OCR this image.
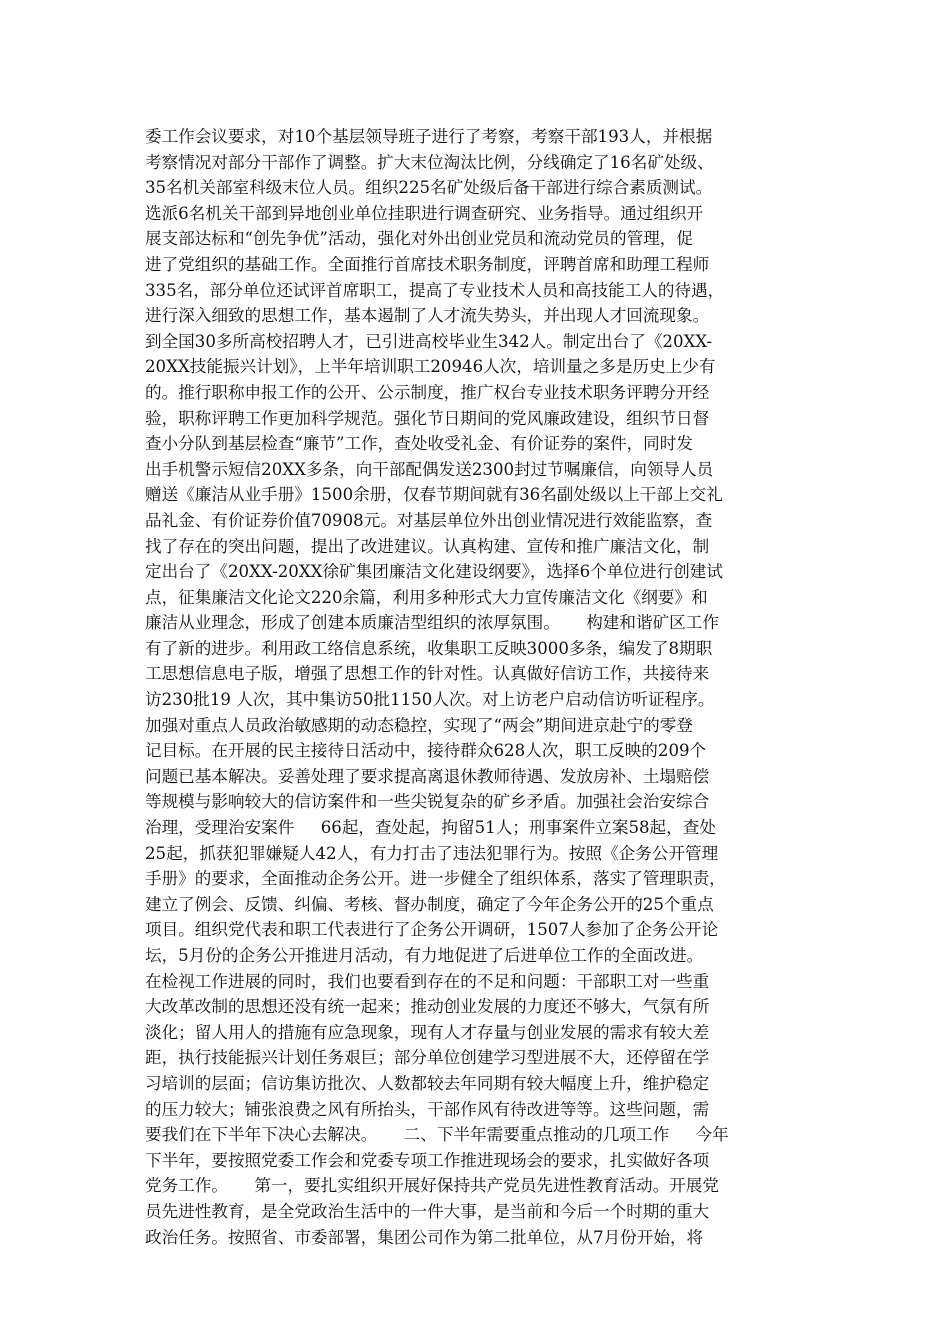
委工作会议要求，对10个基层领导班子进行了考察，考察干部193人，并根据
考察情况对部分干部作了调整。扩大末位淘汰比例，分线确定了16名矿处级、
35名机关部室科级末位人员。组织225名矿处级后备干部进行综合素质测试。
选派6名机关干部到异地创业单位挂职进行调查研究、业务指导。通过组织开
展支部达标和“创先争优”活动，强化对外出创业党员和流动党员的管理，促
进了党组织的基础工作。全面推行首席技术职务制度，评聘首席和助理工程师
335名，部分单位还试评首席职工，提高了专业技术人员和高技能工人的待遇，
进行深入细致的思想工作，基本遏制了人才流失势头，并出现人才回流现象。
到全国30多所高校招聘人才，已引进高校毕业生342人。制定出台了《20XX-
20XX技能振兴计划》，上半年培训职工20946人次，培训量之多是历史上少有
的。推行职称申报工作的公开、公示制度，推广权台专业技术职务评聘分开经
验，职称评聘工作更加科学规范。强化节日期间的党风廉政建设，组织节日督
查小分队到基层检查“廉节”工作，查处收受礼金、有价证券的案件，同时发
出手机警示短信20XX多条，向干部配偶发送2300封过节嘱廉信，向领导人员
赠送《廉洁从业手册》1500余册，仅春节期间就有36名副处级以上干部上交礼
品礼金、有价证券价值70908元。对基层单位外出创业情况进行效能监察，查
找了存在的突出问题，提出了改进建议。认真构建、宣传和推广廉洁文化，制
定出台了《20XX-20XX徐矿集团廉洁文化建设纲要》，选择6个单位进行创建试
点，征集廉洁文化论文220余篇，利用多种形式大力宣传廉洁文化《纲要》和
廉洁从业理念，形成了创建本质廉洁型组织的浓厚氛围。     构建和谐矿区工作
有了新的进步。利用政工络信息系统，收集职工反映3000多条，编发了8期职
工思想信息电子版，增强了思想工作的针对性。认真做好信访工作，共接待来
访230批19 人次，其中集访50批1150人次。对上访老户启动信访听证程序。
加强对重点人员政治敏感期的动态稳控，实现了“两会”期间进京赴宁的零登
记目标。在开展的民主接待日活动中，接待群众628人次，职工反映的209个
问题已基本解决。妥善处理了要求提高离退休教师待遇、发放房补、土塌赔偿
等规模与影响较大的信访案件和一些尖锐复杂的矿乡矛盾。加强社会治安综合
治理，受理治安案件     66起，查处起，拘留51人；刑事案件立案58起，查处
25起，抓获犯罪嫌疑人42人，有力打击了违法犯罪行为。按照《企务公开管理
手册》的要求，全面推动企务公开。进一步健全了组织体系，落实了管理职责，
建立了例会、反馈、纠偏、考核、督办制度，确定了今年企务公开的25个重点
项目。组织党代表和职工代表进行了企务公开调研，1507人参加了企务公开论
坛，5月份的企务公开推进月活动，有力地促进了后进单位工作的全面改进。
在检视工作进展的同时，我们也要看到存在的不足和问题：干部职工对一些重
大改革改制的思想还没有统一起来；推动创业发展的力度还不够大，气氛有所
淡化；留人用人的措施有应急现象，现有人才存量与创业发展的需求有较大差
距，执行技能振兴计划任务艰巨；部分单位创建学习型进展不大，还停留在学
习培训的层面；信访集访批次、人数都较去年同期有较大幅度上升，维护稳定
的压力较大；铺张浪费之风有所抬头，干部作风有待改进等等。这些问题，需
要我们在下半年下决心去解决。     二、下半年需要重点推动的几项工作     今年
下半年，要按照党委工作会和党委专项工作推进现场会的要求，扎实做好各项
党务工作。     第一，要扎实组织开展好保持共产党员先进性教育活动。开展党
员先进性教育，是全党政治生活中的一件大事，是当前和今后一个时期的重大
政治任务。按照省、市委部署，集团公司作为第二批单位，从7月份开始，将
